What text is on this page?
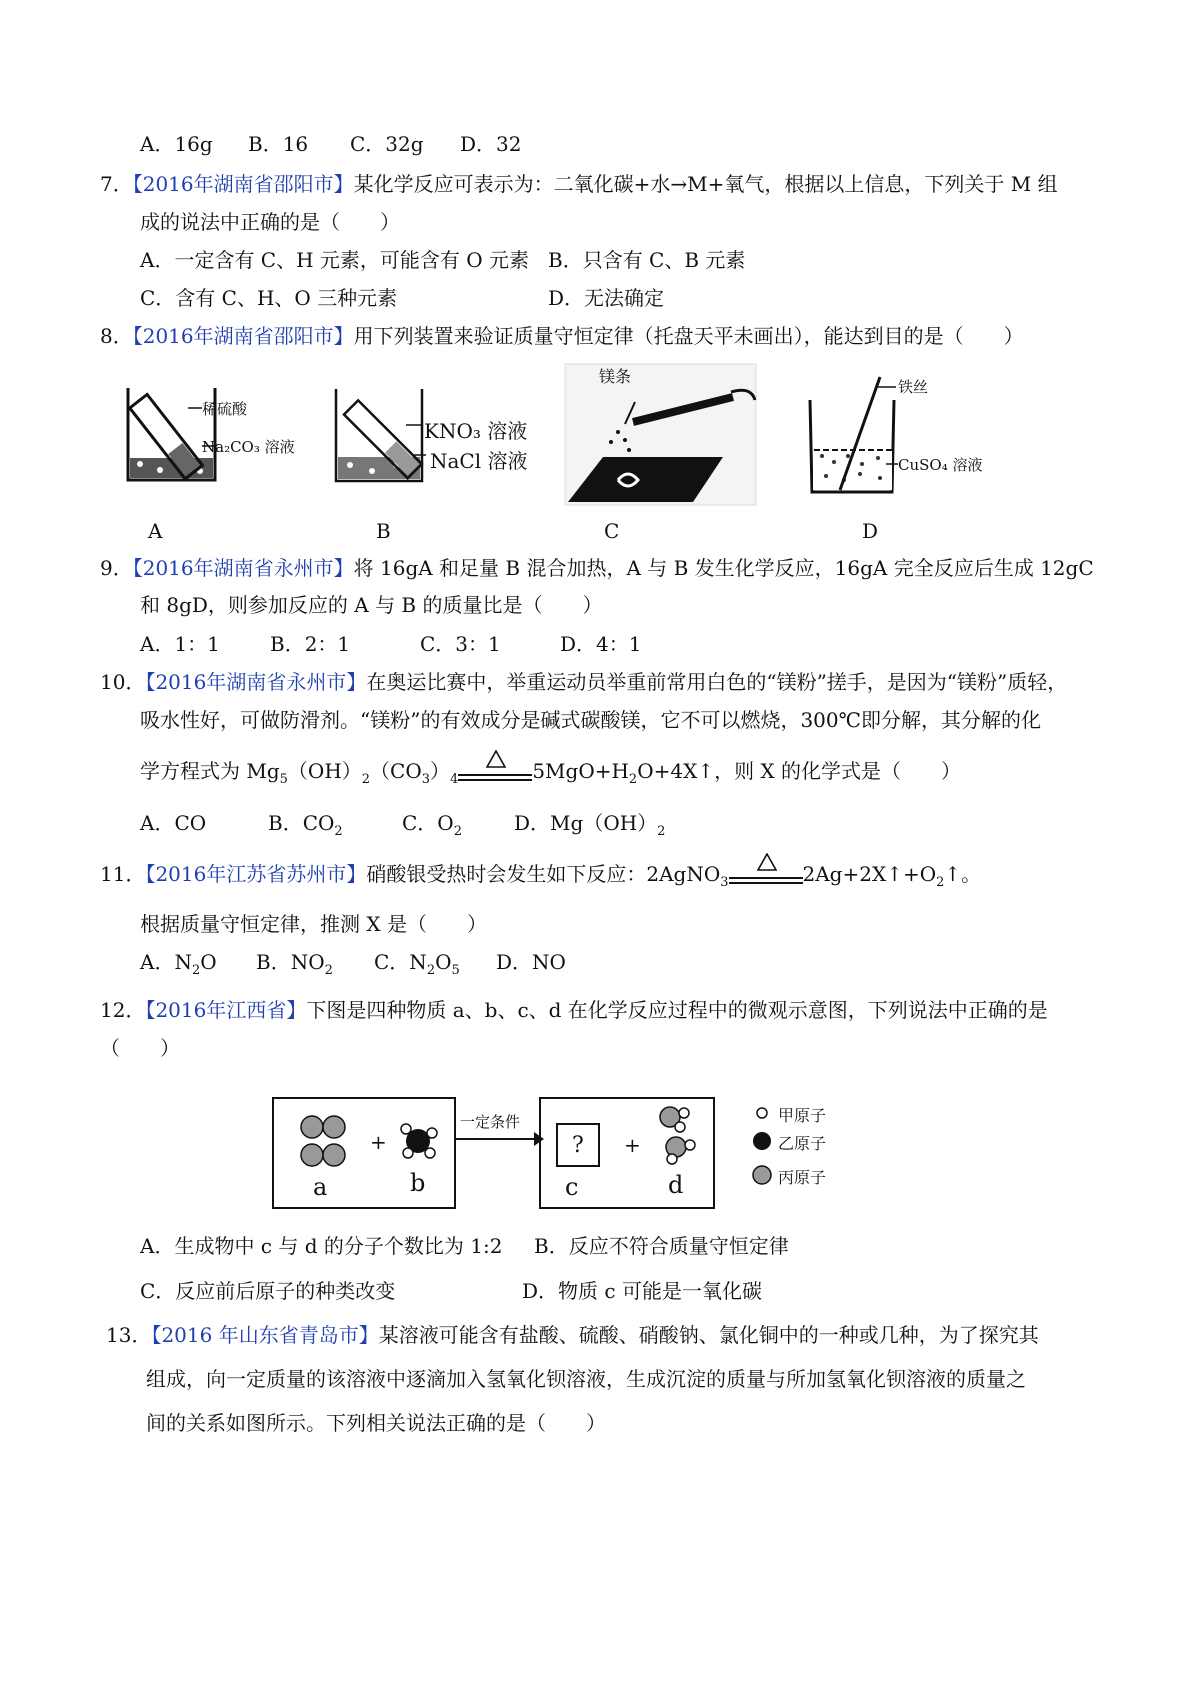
A．16g B．16 C．32g D．32
7．【2016年湖南省邵阳市】某化学反应可表示为：二氧化碳+水→M+氧气，根据以上信息，下列关于 M 组
成的说法中正确的是（　　）
A．一定含有 C、H 元素，可能含有 O 元素 B．只含有 C、B 元素
C．含有 C、H、O 三种元素	D．无法确定
8．【2016年湖南省邵阳市】用下列装置来验证质量守恒定律（托盘天平未画出），能达到目的是（　　）
稀硫酸
Na₂CO₃ 溶液
A
KNO₃ 溶液
NaCl 溶液
B
镁条
C
铁丝
CuSO₄ 溶液
D
9．【2016年湖南省永州市】将 16gA 和足量 B 混合加热，A 与 B 发生化学反应，16gA 完全反应后生成 12gC
和 8gD，则参加反应的 A 与 B 的质量比是（　　）
A．1：1	B．2：1	C．3：1	D．4：1
10．【2016年湖南省永州市】在奥运比赛中，举重运动员举重前常用白色的“镁粉”搓手，是因为“镁粉”质轻，
吸水性好，可做防滑剂。“镁粉”的有效成分是碱式碳酸镁，它不可以燃烧，300℃即分解，其分解的化
学方程式为 $Mg_5(OH)_2(CO_3)_4$	$5MgO+H_2O+4X↑$，则 X 的化学式是（　　）
A．CO	B．$CO_2$	C．$O_2$	D．$Mg(OH)_2$
11．【2016年江苏省苏州市】硝酸银受热时会发生如下反应：2AgNO$_3$	$2Ag+2X↑+O_2↑$。
根据质量守恒定律，推测 X 是（　　）
A．$N_2O$ B．$NO_2$ C．$N_2O_5$ D．NO
12．【2016年江西省】下图是四种物质 a、b、c、d 在化学反应过程中的微观示意图，下列说法中正确的是
（　　）
+
a	b
一定条件
?
c
+
d
甲原子
乙原子
丙原子
A．生成物中 c 与 d 的分子个数比为 1:2 B．反应不符合质量守恒定律
C．反应前后原子的种类改变	D．物质 c 可能是一氧化碳
13．【2016 年山东省青岛市】某溶液可能含有盐酸、硫酸、硝酸钠、氯化铜中的一种或几种，为了探究其
组成，向一定质量的该溶液中逐滴加入氢氧化钡溶液，生成沉淀的质量与所加氢氧化钡溶液的质量之
间的关系如图所示。下列相关说法正确的是（　　）
